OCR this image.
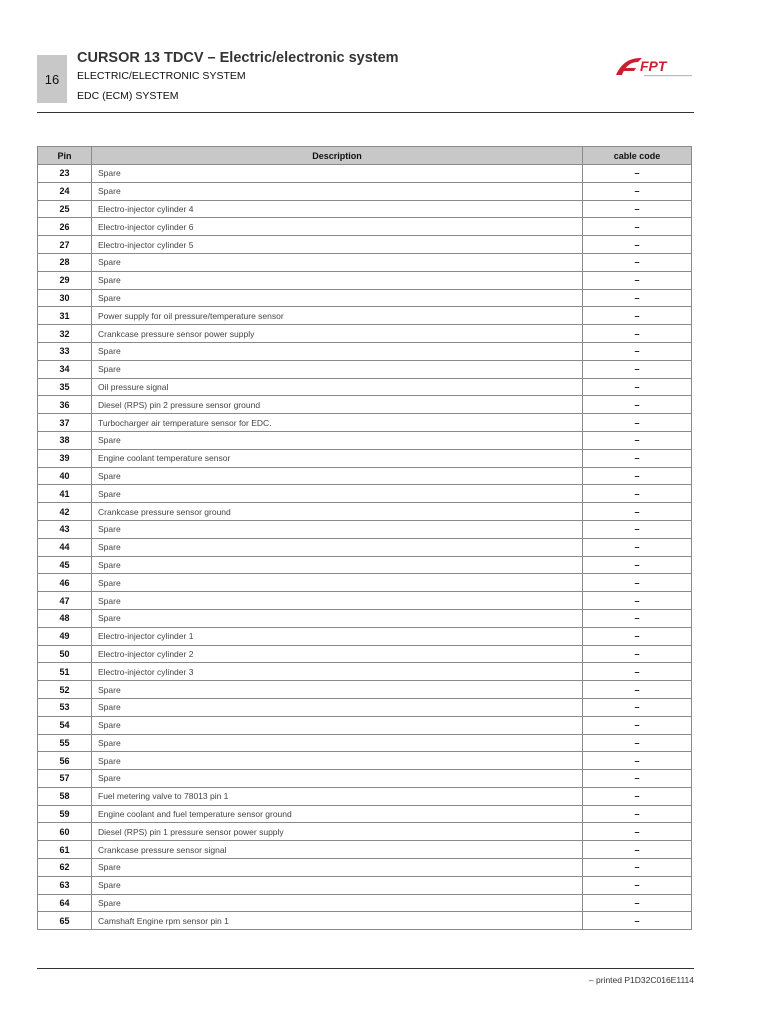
16
CURSOR 13 TDCV – Electric/electronic system
ELECTRIC/ELECTRONIC SYSTEM
EDC (ECM) SYSTEM
FPT
Pin	Description	cable code
23	Spare	–
24	Spare	–
25	Electro-injector cylinder 4	–
26	Electro-injector cylinder 6	–
27	Electro-injector cylinder 5	–
28	Spare	–
29	Spare	–
30	Spare	–
31	Power supply for oil pressure/temperature sensor	–
32	Crankcase pressure sensor power supply	–
33	Spare	–
34	Spare	–
35	Oil pressure signal	–
36	Diesel (RPS) pin 2 pressure sensor ground	–
37	Turbocharger air temperature sensor for EDC.	–
38	Spare	–
39	Engine coolant temperature sensor	–
40	Spare	–
41	Spare	–
42	Crankcase pressure sensor ground	–
43	Spare	–
44	Spare	–
45	Spare	–
46	Spare	–
47	Spare	–
48	Spare	–
49	Electro-injector cylinder 1	–
50	Electro-injector cylinder 2	–
51	Electro-injector cylinder 3	–
52	Spare	–
53	Spare	–
54	Spare	–
55	Spare	–
56	Spare	–
57	Spare	–
58	Fuel metering valve to 78013 pin 1	–
59	Engine coolant and fuel temperature sensor ground	–
60	Diesel (RPS) pin 1 pressure sensor power supply	–
61	Crankcase pressure sensor signal	–
62	Spare	–
63	Spare	–
64	Spare	–
65	Camshaft Engine rpm sensor pin 1	–
– printed P1D32C016E1114
